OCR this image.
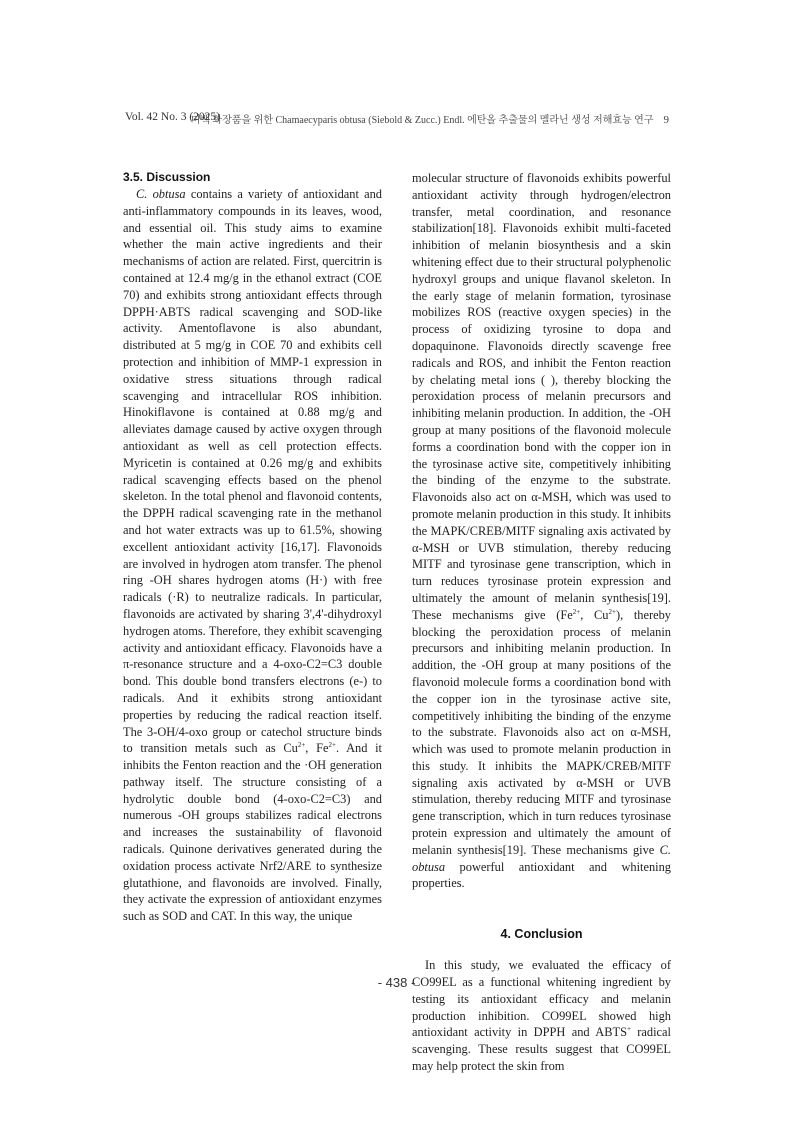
Vol. 42 No. 3 (2025)
미백 화장품을 위한 Chamaecyparis obtusa (Siebold & Zucc.) Endl. 에탄올 추출물의 멜라닌 생성 저해효능 연구 9
3.5. Discussion

C. obtusa contains a variety of antioxidant and anti-inflammatory compounds in its leaves, wood, and essential oil. This study aims to examine whether the main active ingredients and their mechanisms of action are related. First, quercitrin is contained at 12.4 mg/g in the ethanol extract (COE 70) and exhibits strong antioxidant effects through DPPH·ABTS radical scavenging and SOD-like activity. Amentoflavone is also abundant, distributed at 5 mg/g in COE 70 and exhibits cell protection and inhibition of MMP-1 expression in oxidative stress situations through radical scavenging and intracellular ROS inhibition. Hinokiflavone is contained at 0.88 mg/g and alleviates damage caused by active oxygen through antioxidant as well as cell protection effects. Myricetin is contained at 0.26 mg/g and exhibits radical scavenging effects based on the phenol skeleton. In the total phenol and flavonoid contents, the DPPH radical scavenging rate in the methanol and hot water extracts was up to 61.5%, showing excellent antioxidant activity [16,17]. Flavonoids are involved in hydrogen atom transfer. The phenol ring -OH shares hydrogen atoms (H·) with free radicals (·R) to neutralize radicals. In particular, flavonoids are activated by sharing 3',4'-dihydroxyl hydrogen atoms. Therefore, they exhibit scavenging activity and antioxidant efficacy. Flavonoids have a π-resonance structure and a 4-oxo-C2=C3 double bond. This double bond transfers electrons (e-) to radicals. And it exhibits strong antioxidant properties by reducing the radical reaction itself. The 3-OH/4-oxo group or catechol structure binds to transition metals such as $Cu^{2+}$, $Fe^{2+}$. And it inhibits the Fenton reaction and the ·OH generation pathway itself. The structure consisting of a hydrolytic double bond (4-oxo-C2=C3) and numerous -OH groups stabilizes radical electrons and increases the sustainability of flavonoid radicals. Quinone derivatives generated during the oxidation process activate Nrf2/ARE to synthesize glutathione, and flavonoids are involved. Finally, they activate the expression of antioxidant enzymes such as SOD and CAT. In this way, the unique

molecular structure of flavonoids exhibits powerful antioxidant activity through hydrogen/electron transfer, metal coordination, and resonance stabilization[18]. Flavonoids exhibit multi-faceted inhibition of melanin biosynthesis and a skin whitening effect due to their structural polyphenolic hydroxyl groups and unique flavanol skeleton. In the early stage of melanin formation, tyrosinase mobilizes ROS (reactive oxygen species) in the process of oxidizing tyrosine to dopa and dopaquinone. Flavonoids directly scavenge free radicals and ROS, and inhibit the Fenton reaction by chelating metal ions ( ), thereby blocking the peroxidation process of melanin precursors and inhibiting melanin production. In addition, the -OH group at many positions of the flavonoid molecule forms a coordination bond with the copper ion in the tyrosinase active site, competitively inhibiting the binding of the enzyme to the substrate. Flavonoids also act on α-MSH, which was used to promote melanin production in this study. It inhibits the MAPK/CREB/MITF signaling axis activated by α-MSH or UVB stimulation, thereby reducing MITF and tyrosinase gene transcription, which in turn reduces tyrosinase protein expression and ultimately the amount of melanin synthesis[19]. These mechanisms give ($Fe^{2+}$, $Cu^{2+}$), thereby blocking the peroxidation process of melanin precursors and inhibiting melanin production. In addition, the -OH group at many positions of the flavonoid molecule forms a coordination bond with the copper ion in the tyrosinase active site, competitively inhibiting the binding of the enzyme to the substrate. Flavonoids also act on α-MSH, which was used to promote melanin production in this study. It inhibits the MAPK/CREB/MITF signaling axis activated by α-MSH or UVB stimulation, thereby reducing MITF and tyrosinase gene transcription, which in turn reduces tyrosinase protein expression and ultimately the amount of melanin synthesis[19]. These mechanisms give C. obtusa powerful antioxidant and whitening properties.

4. Conclusion

In this study, we evaluated the efficacy of CO99EL as a functional whitening ingredient by testing its antioxidant efficacy and melanin production inhibition. CO99EL showed high antioxidant activity in DPPH and ABTS+ radical scavenging. These results suggest that CO99EL may help protect the skin from

- 438 -
